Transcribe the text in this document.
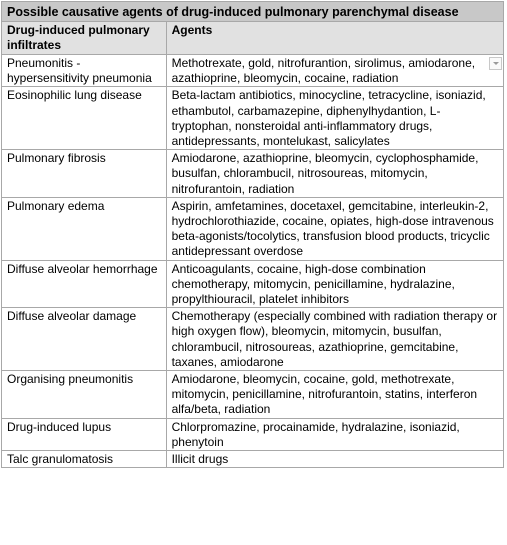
Possible causative agents of drug-induced pulmonary parenchymal disease	
Drug-induced pulmonary infiltrates	Agents
Pneumonitis - hypersensitivity pneumonia	Methotrexate, gold, nitrofurantion, sirolimus, amiodarone, azathioprine, bleomycin, cocaine, radiation

Eosinophilic lung disease	Beta-lactam antibiotics, minocycline, tetracycline, isoniazid, ethambutol, carbamazepine, diphenylhydantion, L-tryptophan, nonsteroidal anti-inflammatory drugs, antidepressants, montelukast, salicylates
Pulmonary fibrosis	Amiodarone, azathioprine, bleomycin, cyclophosphamide, busulfan, chlorambucil, nitrosoureas, mitomycin, nitrofurantoin, radiation
Pulmonary edema	Aspirin, amfetamines, docetaxel, gemcitabine, interleukin-2, hydrochlorothiazide, cocaine, opiates, high-dose intravenous beta-agonists/tocolytics, transfusion blood products, tricyclic antidepressant overdose
Diffuse alveolar hemorrhage	Anticoagulants, cocaine, high-dose combination chemotherapy, mitomycin, penicillamine, hydralazine, propylthiouracil, platelet inhibitors
Diffuse alveolar damage	Chemotherapy (especially combined with radiation therapy or high oxygen flow), bleomycin, mitomycin, busulfan, chlorambucil, nitrosoureas, azathioprine, gemcitabine, taxanes, amiodarone
Organising pneumonitis	Amiodarone, bleomycin, cocaine, gold, methotrexate, mitomycin, penicillamine, nitrofurantoin, statins, interferon alfa/beta, radiation
Drug-induced lupus	Chlorpromazine, procainamide, hydralazine, isoniazid, phenytoin
Talc granulomatosis	Illicit drugs
